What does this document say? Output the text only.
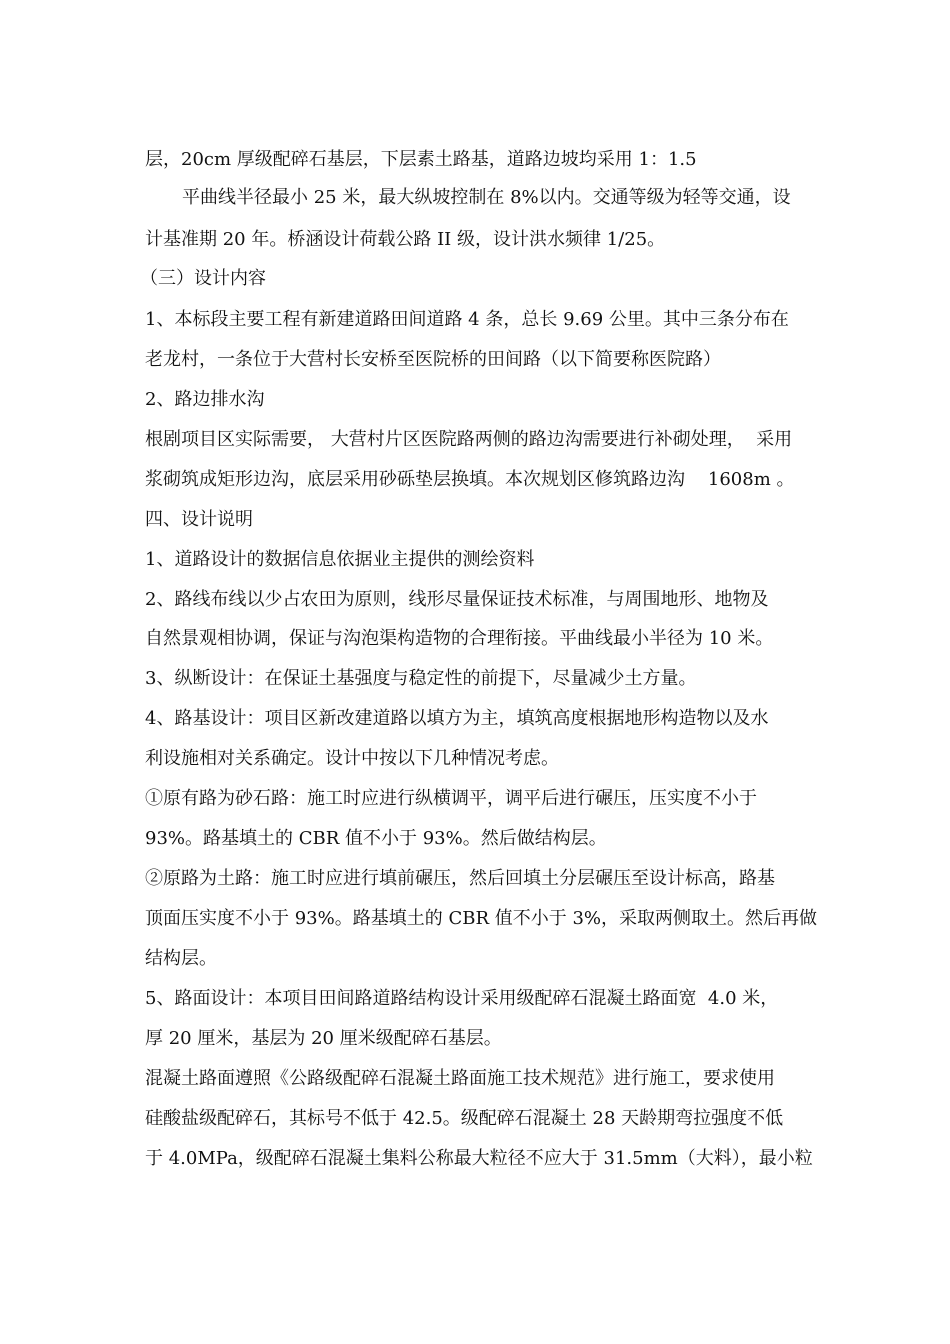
层，20cm 厚级配碎石基层，下层素土路基，道路边坡均采用 1：1.5
平曲线半径最小 25 米，最大纵坡控制在 8%以内。交通等级为轻等交通，设
计基准期 20 年。桥涵设计荷载公路 II 级，设计洪水频律 1/25。
（三）设计内容
1、本标段主要工程有新建道路田间道路 4 条，总长 9.69 公里。其中三条分布在
老龙村，一条位于大营村长安桥至医院桥的田间路（以下简要称医院路）
2、路边排水沟
根剧项目区实际需要， 大营村片区医院路两侧的路边沟需要进行补砌处理，  采用
浆砌筑成矩形边沟，底层采用砂砾垫层换填。本次规划区修筑路边沟    1608m 。
四、设计说明
1、道路设计的数据信息依据业主提供的测绘资料
2、路线布线以少占农田为原则，线形尽量保证技术标准，与周围地形、地物及
自然景观相协调，保证与沟泡渠构造物的合理衔接。平曲线最小半径为 10 米。
3、纵断设计：在保证土基强度与稳定性的前提下，尽量减少土方量。
4、路基设计：项目区新改建道路以填方为主，填筑高度根据地形构造物以及水
利设施相对关系确定。设计中按以下几种情况考虑。
①原有路为砂石路：施工时应进行纵横调平，调平后进行碾压，压实度不小于
93%。路基填土的 CBR 值不小于 93%。然后做结构层。
②原路为土路：施工时应进行填前碾压，然后回填土分层碾压至设计标高，路基
顶面压实度不小于 93%。路基填土的 CBR 值不小于 3%，采取两侧取土。然后再做
结构层。
5、路面设计：本项目田间路道路结构设计采用级配碎石混凝土路面宽  4.0 米，
厚 20 厘米，基层为 20 厘米级配碎石基层。
混凝土路面遵照《公路级配碎石混凝土路面施工技术规范》进行施工，要求使用
硅酸盐级配碎石，其标号不低于 42.5。级配碎石混凝土 28 天龄期弯拉强度不低
于 4.0MPa，级配碎石混凝土集料公称最大粒径不应大于 31.5mm（大料），最小粒
